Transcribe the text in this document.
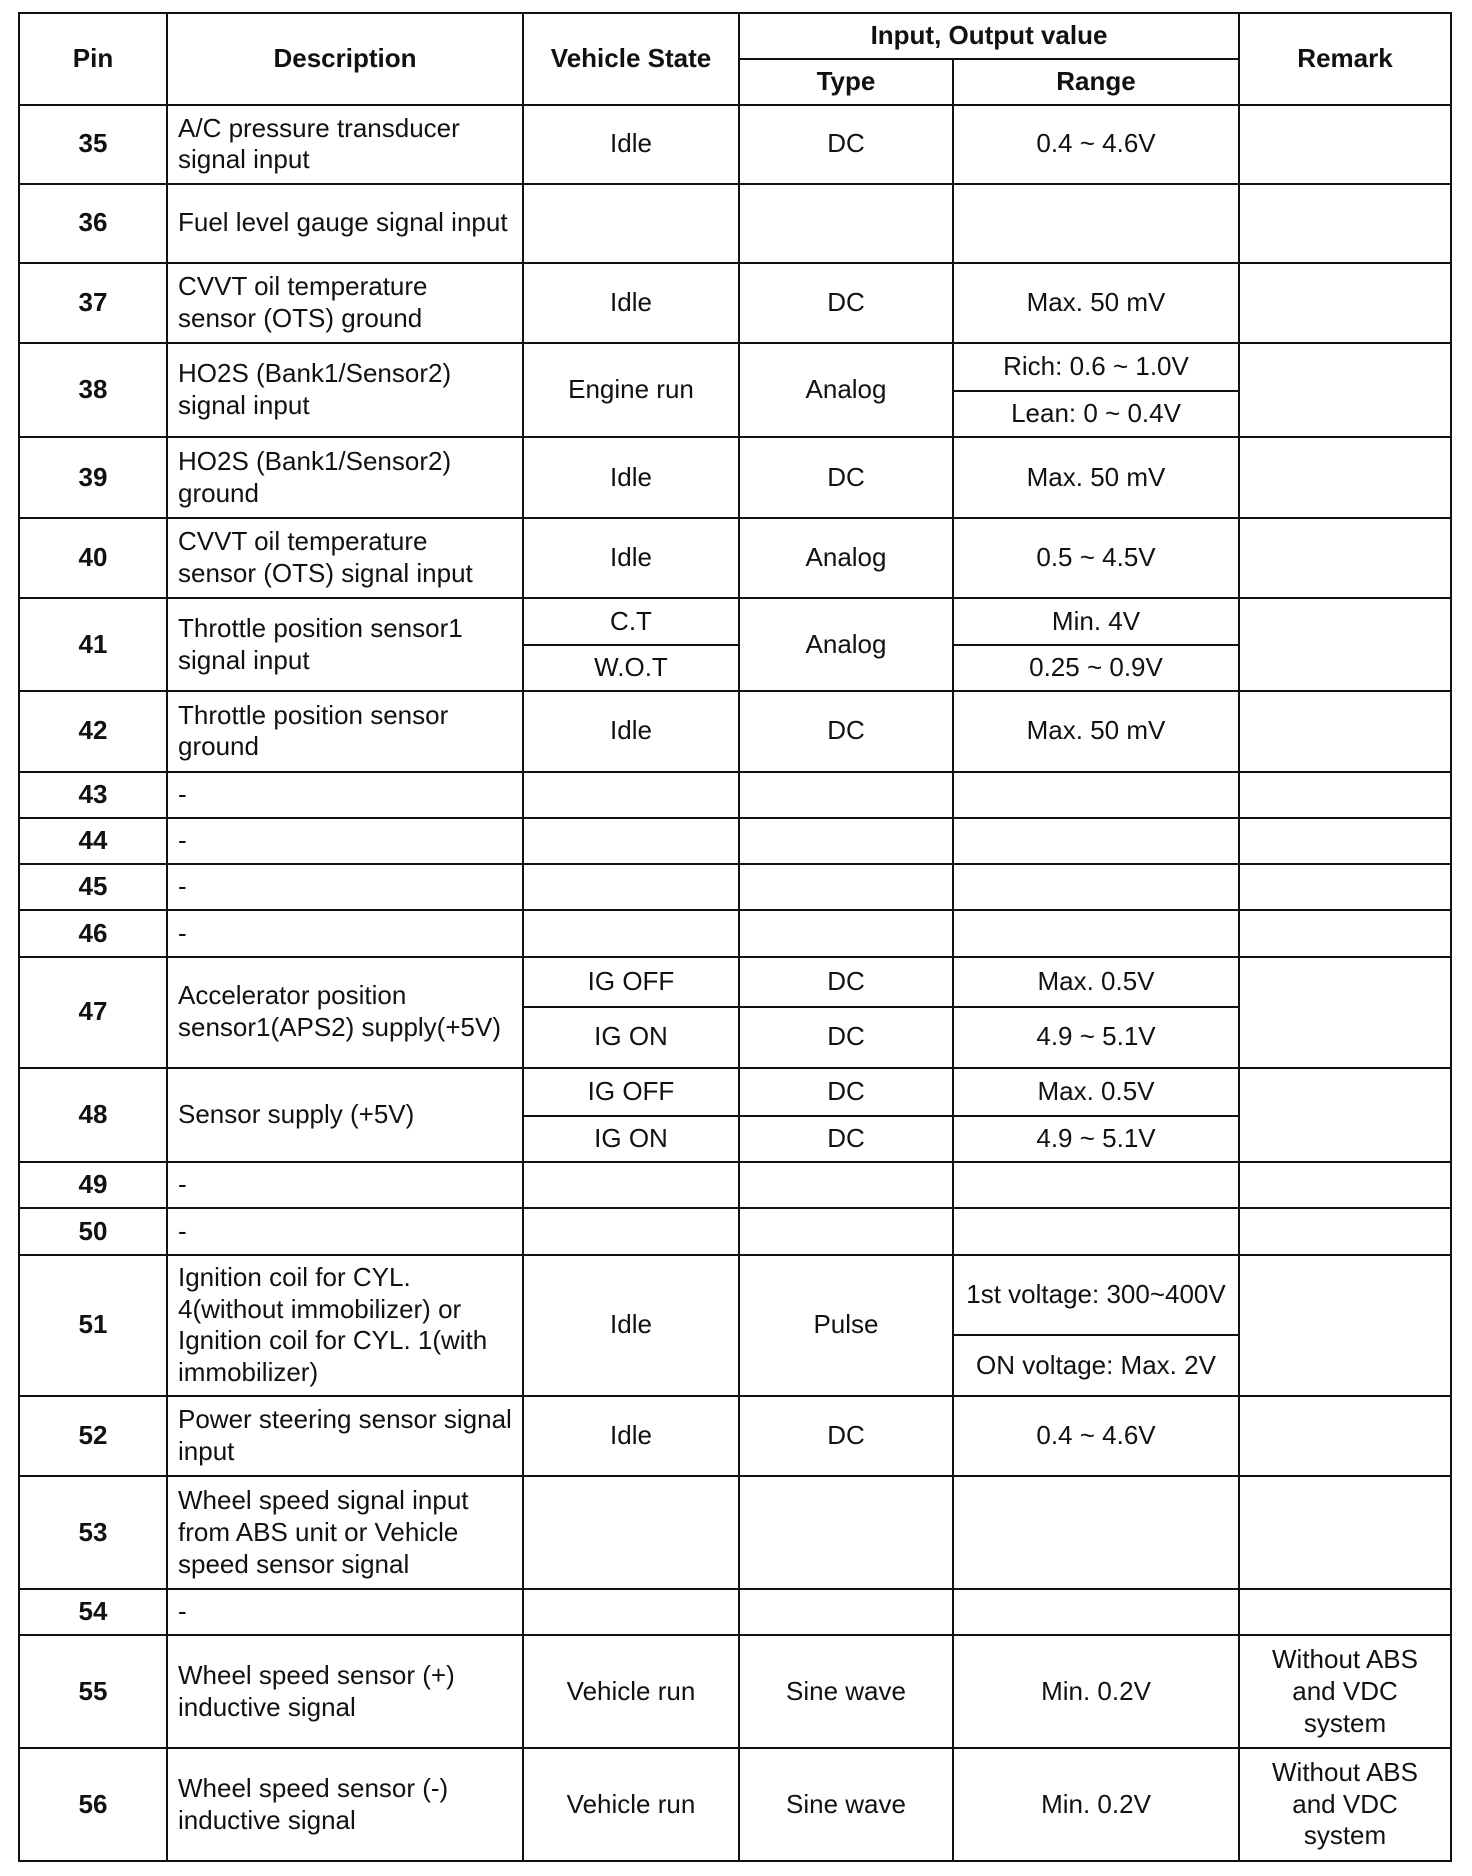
Pin	Description	Vehicle State	Input, Output value		Remark
			Type	Range	
35	A/C pressure transducer signal input	Idle	DC	0.4 ~ 4.6V	
36	Fuel level gauge signal input				
37	CVVT oil temperature sensor (OTS) ground	Idle	DC	Max. 50 mV	
38	HO2S (Bank1/Sensor2) signal input	Engine run	Analog	Rich: 0.6 ~ 1.0V	
				Lean: 0 ~ 0.4V	
39	HO2S (Bank1/Sensor2) ground	Idle	DC	Max. 50 mV	
40	CVVT oil temperature sensor (OTS) signal input	Idle	Analog	0.5 ~ 4.5V	
41	Throttle position sensor1 signal input	C.T	Analog	Min. 4V	
		W.O.T		0.25 ~ 0.9V	
42	Throttle position sensor ground	Idle	DC	Max. 50 mV	
43	-				
44	-				
45	-				
46	-				
47	Accelerator position sensor1(APS2) supply(+5V)	IG OFF	DC	Max. 0.5V	
		IG ON	DC	4.9 ~ 5.1V	
48	Sensor supply (+5V)	IG OFF	DC	Max. 0.5V	
		IG ON	DC	4.9 ~ 5.1V	
49	-				
50	-				
51	Ignition coil for CYL. 4(without immobilizer) or Ignition coil for CYL. 1(with immobilizer)	Idle	Pulse	1st voltage: 300~400V	
				ON voltage: Max. 2V	
52	Power steering sensor signal input	Idle	DC	0.4 ~ 4.6V	
53	Wheel speed signal input from ABS unit or Vehicle speed sensor signal				
54	-				
55	Wheel speed sensor (+) inductive signal	Vehicle run	Sine wave	Min. 0.2V	Without ABS and VDC system
56	Wheel speed sensor (-) inductive signal	Vehicle run	Sine wave	Min. 0.2V	Without ABS and VDC system
